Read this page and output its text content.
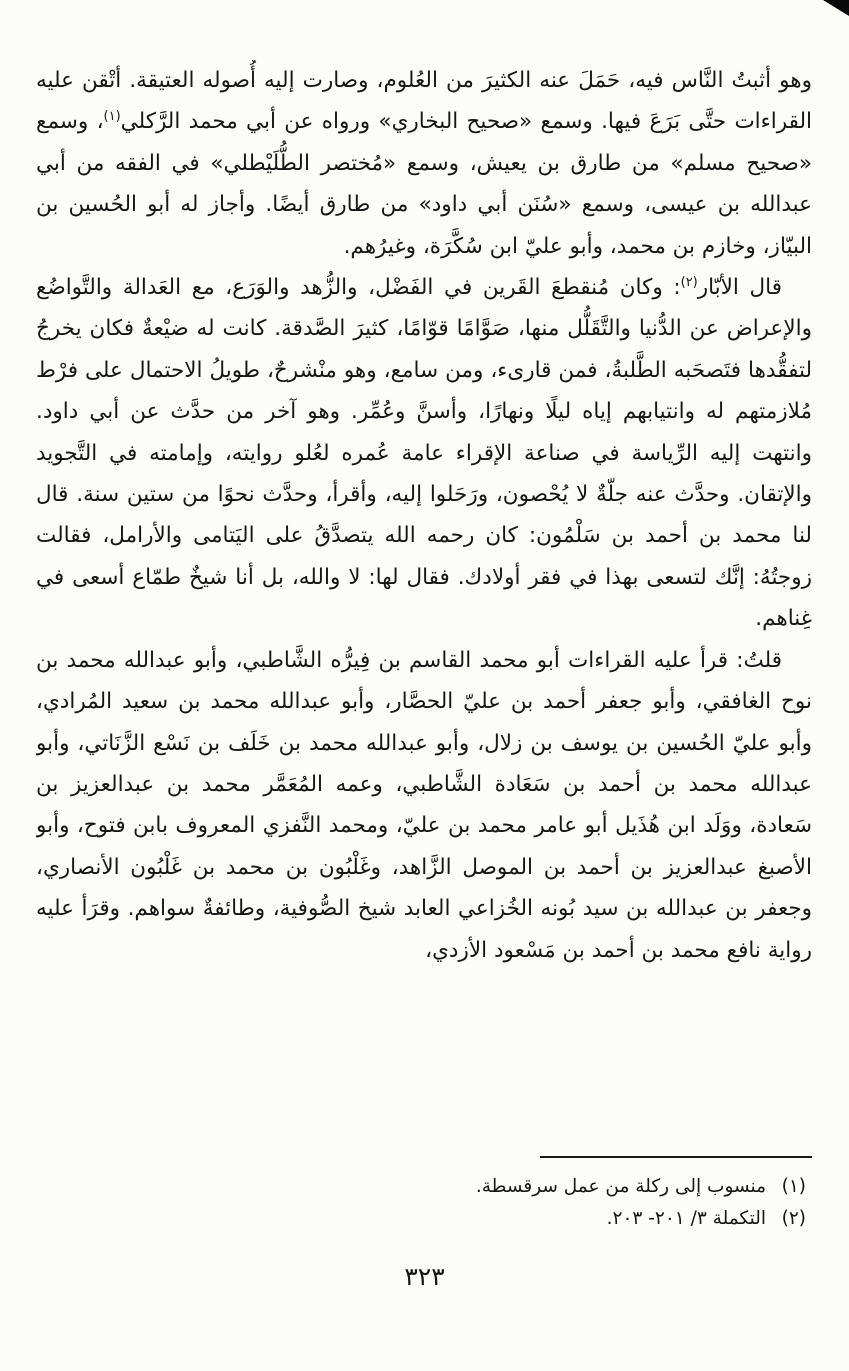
وهو أثبتُ النَّاس فيه، حَمَلَ عنه الكثيرَ من العُلوم، وصارت إليه أُصوله العتيقة. أتْقن عليه القراءات حتَّى بَرَعَ فيها. وسمع «صحيح البخاري» ورواه عن أبي محمد الرَّكلي$^{(١)}$، وسمع «صحيح مسلم» من طارق بن يعيش، وسمع «مُختصر الطُّلَيْطلي» في الفقه من أبي عبدالله بن عيسى، وسمع «سُنَن أبي داود» من طارق أيضًا. وأجاز له أبو الحُسين بن البيّاز، وخازم بن محمد، وأبو عليّ ابن سُكَّرَة، وغيرُهم.

قال الأبّار$^{(٢)}$: وكان مُنقطعَ القَرين في الفَضْل، والزُّهد والوَرَع، مع العَدالة والتَّواضُع والإعراض عن الدُّنيا والتَّقَلُّل منها، صَوَّامًا قوّامًا، كثيرَ الصَّدقة. كانت له ضيْعةٌ فكان يخرجُ لتفقُّدها فتَصحَبه الطَّلبةُ، فمن قارىء، ومن سامع، وهو منْشرحٌ، طويلُ الاحتمال على فرْط مُلازمتهم له وانتيابهم إياه ليلًا ونهارًا، وأسنَّ وعُمِّر. وهو آخر من حدَّث عن أبي داود. وانتهت إليه الرِّياسة في صناعة الإقراء عامة عُمره لعُلو روايته، وإمامته في التَّجويد والإتقان. وحدَّث عنه جلّةٌ لا يُحْصون، ورَحَلوا إليه، وأقرأ، وحدَّث نحوًا من ستين سنة. قال لنا محمد بن أحمد بن سَلْمُون: كان رحمه الله يتصدَّقُ على اليَتامى والأرامل، فقالت زوجتُهُ: إنَّك لتسعى بهذا في فقر أولادك. فقال لها: لا والله، بل أنا شيخٌ طمّاع أسعى في غِناهم.

قلتُ: قرأ عليه القراءات أبو محمد القاسم بن فِيرُّه الشَّاطبي، وأبو عبدالله محمد بن نوح الغافقي، وأبو جعفر أحمد بن عليّ الحصَّار، وأبو عبدالله محمد بن سعيد المُرادي، وأبو عليّ الحُسين بن يوسف بن زلال، وأبو عبدالله محمد بن خَلَف بن نَسْع الزَّنَاتي، وأبو عبدالله محمد بن أحمد بن سَعَادة الشَّاطبي، وعمه المُعَمَّر محمد بن عبدالعزيز بن سَعادة، ووَلَد ابن هُذَيل أبو عامر محمد بن عليّ، ومحمد النَّفزي المعروف بابن فتوح، وأبو الأصبغ عبدالعزيز بن أحمد بن الموصل الزَّاهد، وغَلْبُون بن محمد بن غَلْبُون الأنصاري، وجعفر بن عبدالله بن سيد بُونه الخُزاعي العابد شيخ الصُّوفية، وطائفةٌ سواهم. وقرَأ عليه رواية نافع محمد بن أحمد بن مَسْعود الأزدي،

(١)
منسوب إلى ركلة من عمل سرقسطة.
(٢)
التكملة ٣/ ٢٠١- ٢٠٣.
٣٢٣
